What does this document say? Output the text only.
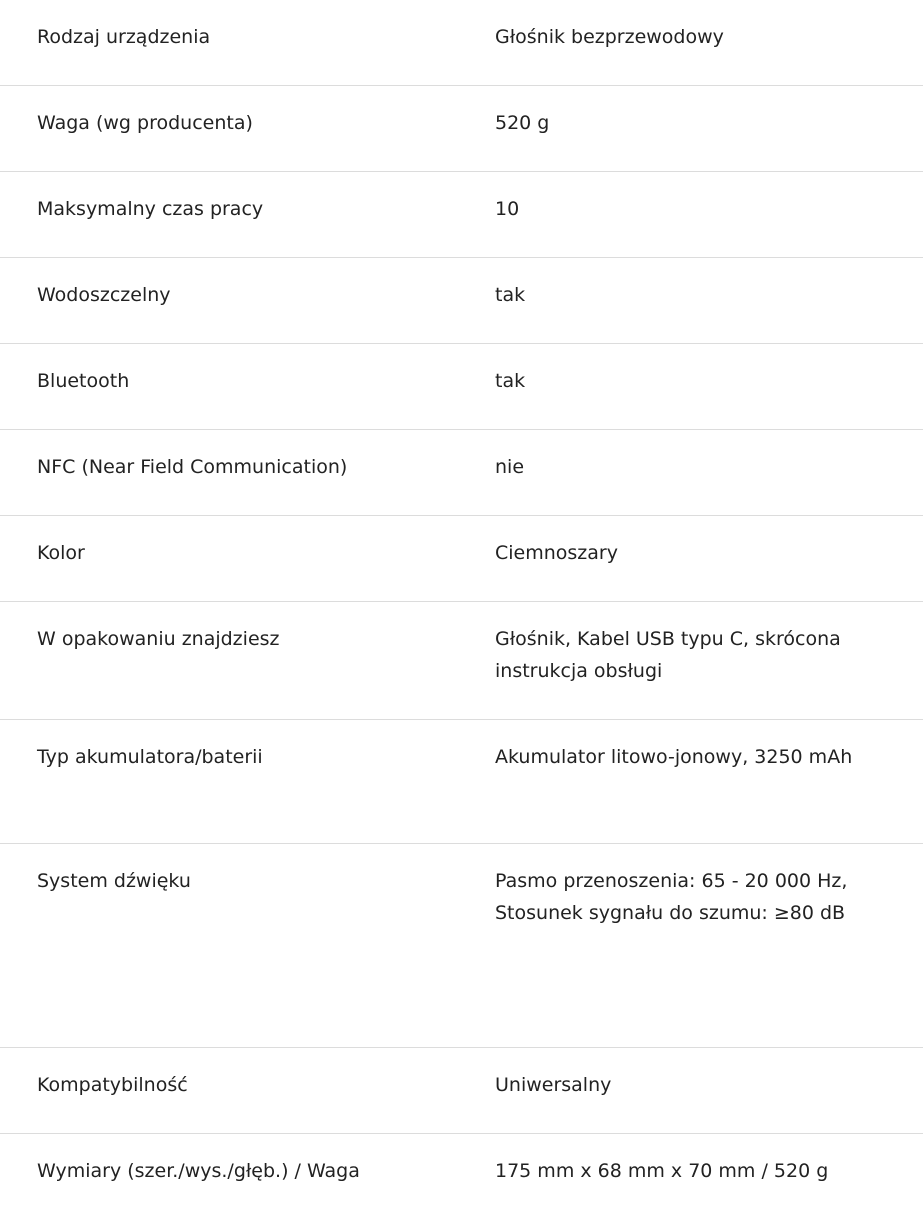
Rodzaj urządzenia	Głośnik bezprzewodowy
Waga (wg producenta)	520 g
Maksymalny czas pracy	10
Wodoszczelny	tak
Bluetooth	tak
NFC (Near Field Communication)	nie
Kolor	Ciemnoszary
W opakowaniu znajdziesz	Głośnik, Kabel USB typu C, skrócona instrukcja obsługi
Typ akumulatora/baterii	Akumulator litowo-jonowy, 3250 mAh
System dźwięku	Pasmo przenoszenia: 65 - 20 000 Hz, Stosunek sygnału do szumu: ≥80 dB
Kompatybilność	Uniwersalny
Wymiary (szer./wys./głęb.) / Waga	175 mm x 68 mm x 70 mm / 520 g
